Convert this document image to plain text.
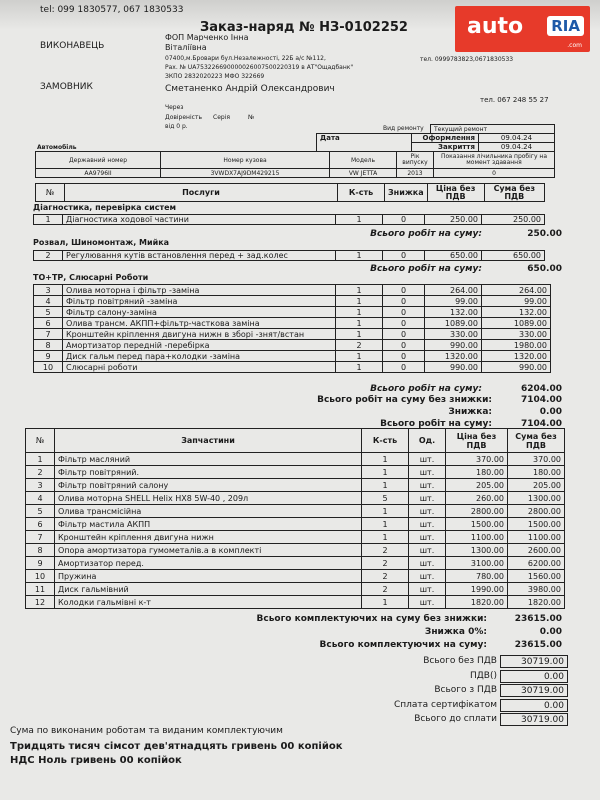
auto RIA
.com
tel: 099 1830577, 067 1830533
Заказ-наряд № НЗ-0102252
ВИКОНАВЕЦЬ
ФОП Марченко Інна
Віталіївна
07400,м.Бровари бул.Незалежності, 22Б а/с №112,
Рах. № UA753226690000026007500220319 в АТ"Ощадбанк"
ЗКПО 2832020223 МФО 322669
тел. 0999783823,0671830533
ЗАМОВНИК	Сметаненко Андрій Олександрович
тел. 067 248 55 27
Через
Довіреність Серія	№
від 0 р.	Вид ремонту Текущий ремонт
Дата	Оформлення	09.04.24
	Закриття	09.04.24
Автомобіль
Державний номер	Номер кузова	Модель	Рік випуску	Показання лічильника пробігу на момент здавання
AA9796II	3VWDX7AJ9DM429215	VW JETTA	2013	0
№	Послуги	К-сть	Знижка	Ціна без ПДВ	Сума без ПДВ
Діагностика, перевірка систем
1	Діагностика ходової частини	1	0	250.00	250.00
Всього робіт на суму:	250.00
Розвал, Шиномонтаж, Мийка
2	Регулювання кутів встановлення перед + зад.колес	1	0	650.00	650.00
Всього робіт на суму:	650.00
ТО+ТР, Слюсарні Роботи
3	Олива моторна і фільтр -заміна	1	0	264.00	264.00
4	Фільтр повітряний -заміна	1	0	99.00	99.00
5	Фільтр салону-заміна	1	0	132.00	132.00
6	Олива трансм. АКПП+фільтр-часткова заміна	1	0	1089.00	1089.00
7	Кронштейн кріплення двигуна нижн в зборі -знят/встан	1	0	330.00	330.00
8	Амортизатор передній -перебірка	2	0	990.00	1980.00
9	Диск гальм перед пара+колодки -заміна	1	0	1320.00	1320.00
10	Слюсарні роботи	1	0	990.00	990.00
Всього робіт на суму:	6204.00
Всього робіт на суму без знижки:	7104.00
Знижка:	0.00
Всього робіт на суму:	7104.00
№	Запчастини	К-сть	Од.	Ціна без ПДВ	Сума без ПДВ
1	Фільтр масляний	1	шт.	370.00	370.00
2	Фільтр повітряний.	1	шт.	180.00	180.00
3	Фільтр повітряний салону	1	шт.	205.00	205.00
4	Олива моторна SHELL Helix HX8 5W-40 , 209л	5	шт.	260.00	1300.00
5	Олива трансмісійна	1	шт.	2800.00	2800.00
6	Фільтр мастила АКПП	1	шт.	1500.00	1500.00
7	Кронштейн кріплення двигуна нижн	1	шт.	1100.00	1100.00
8	Опора амортизатора гумометалів.а в комплекті	2	шт.	1300.00	2600.00
9	Амортизатор перед.	2	шт.	3100.00	6200.00
10	Пружина	2	шт.	780.00	1560.00
11	Диск гальмівний	2	шт.	1990.00	3980.00
12	Колодки гальмівні к-т	1	шт.	1820.00	1820.00
Всього комплектуючих на суму без знижки:	23615.00
Знижка 0%:	0.00
Всього комплектуючих на суму:	23615.00
Всього без ПДВ	30719.00
ПДВ()	0.00
Всього з ПДВ	30719.00
Сплата сертифікатом	0.00
Всього до сплати	30719.00
Сума по виконаним роботам та виданим комплектуючим
Тридцять тисяч сімсот дев'ятнадцять гривень 00 копійок
НДС Ноль гривень 00 копійок
